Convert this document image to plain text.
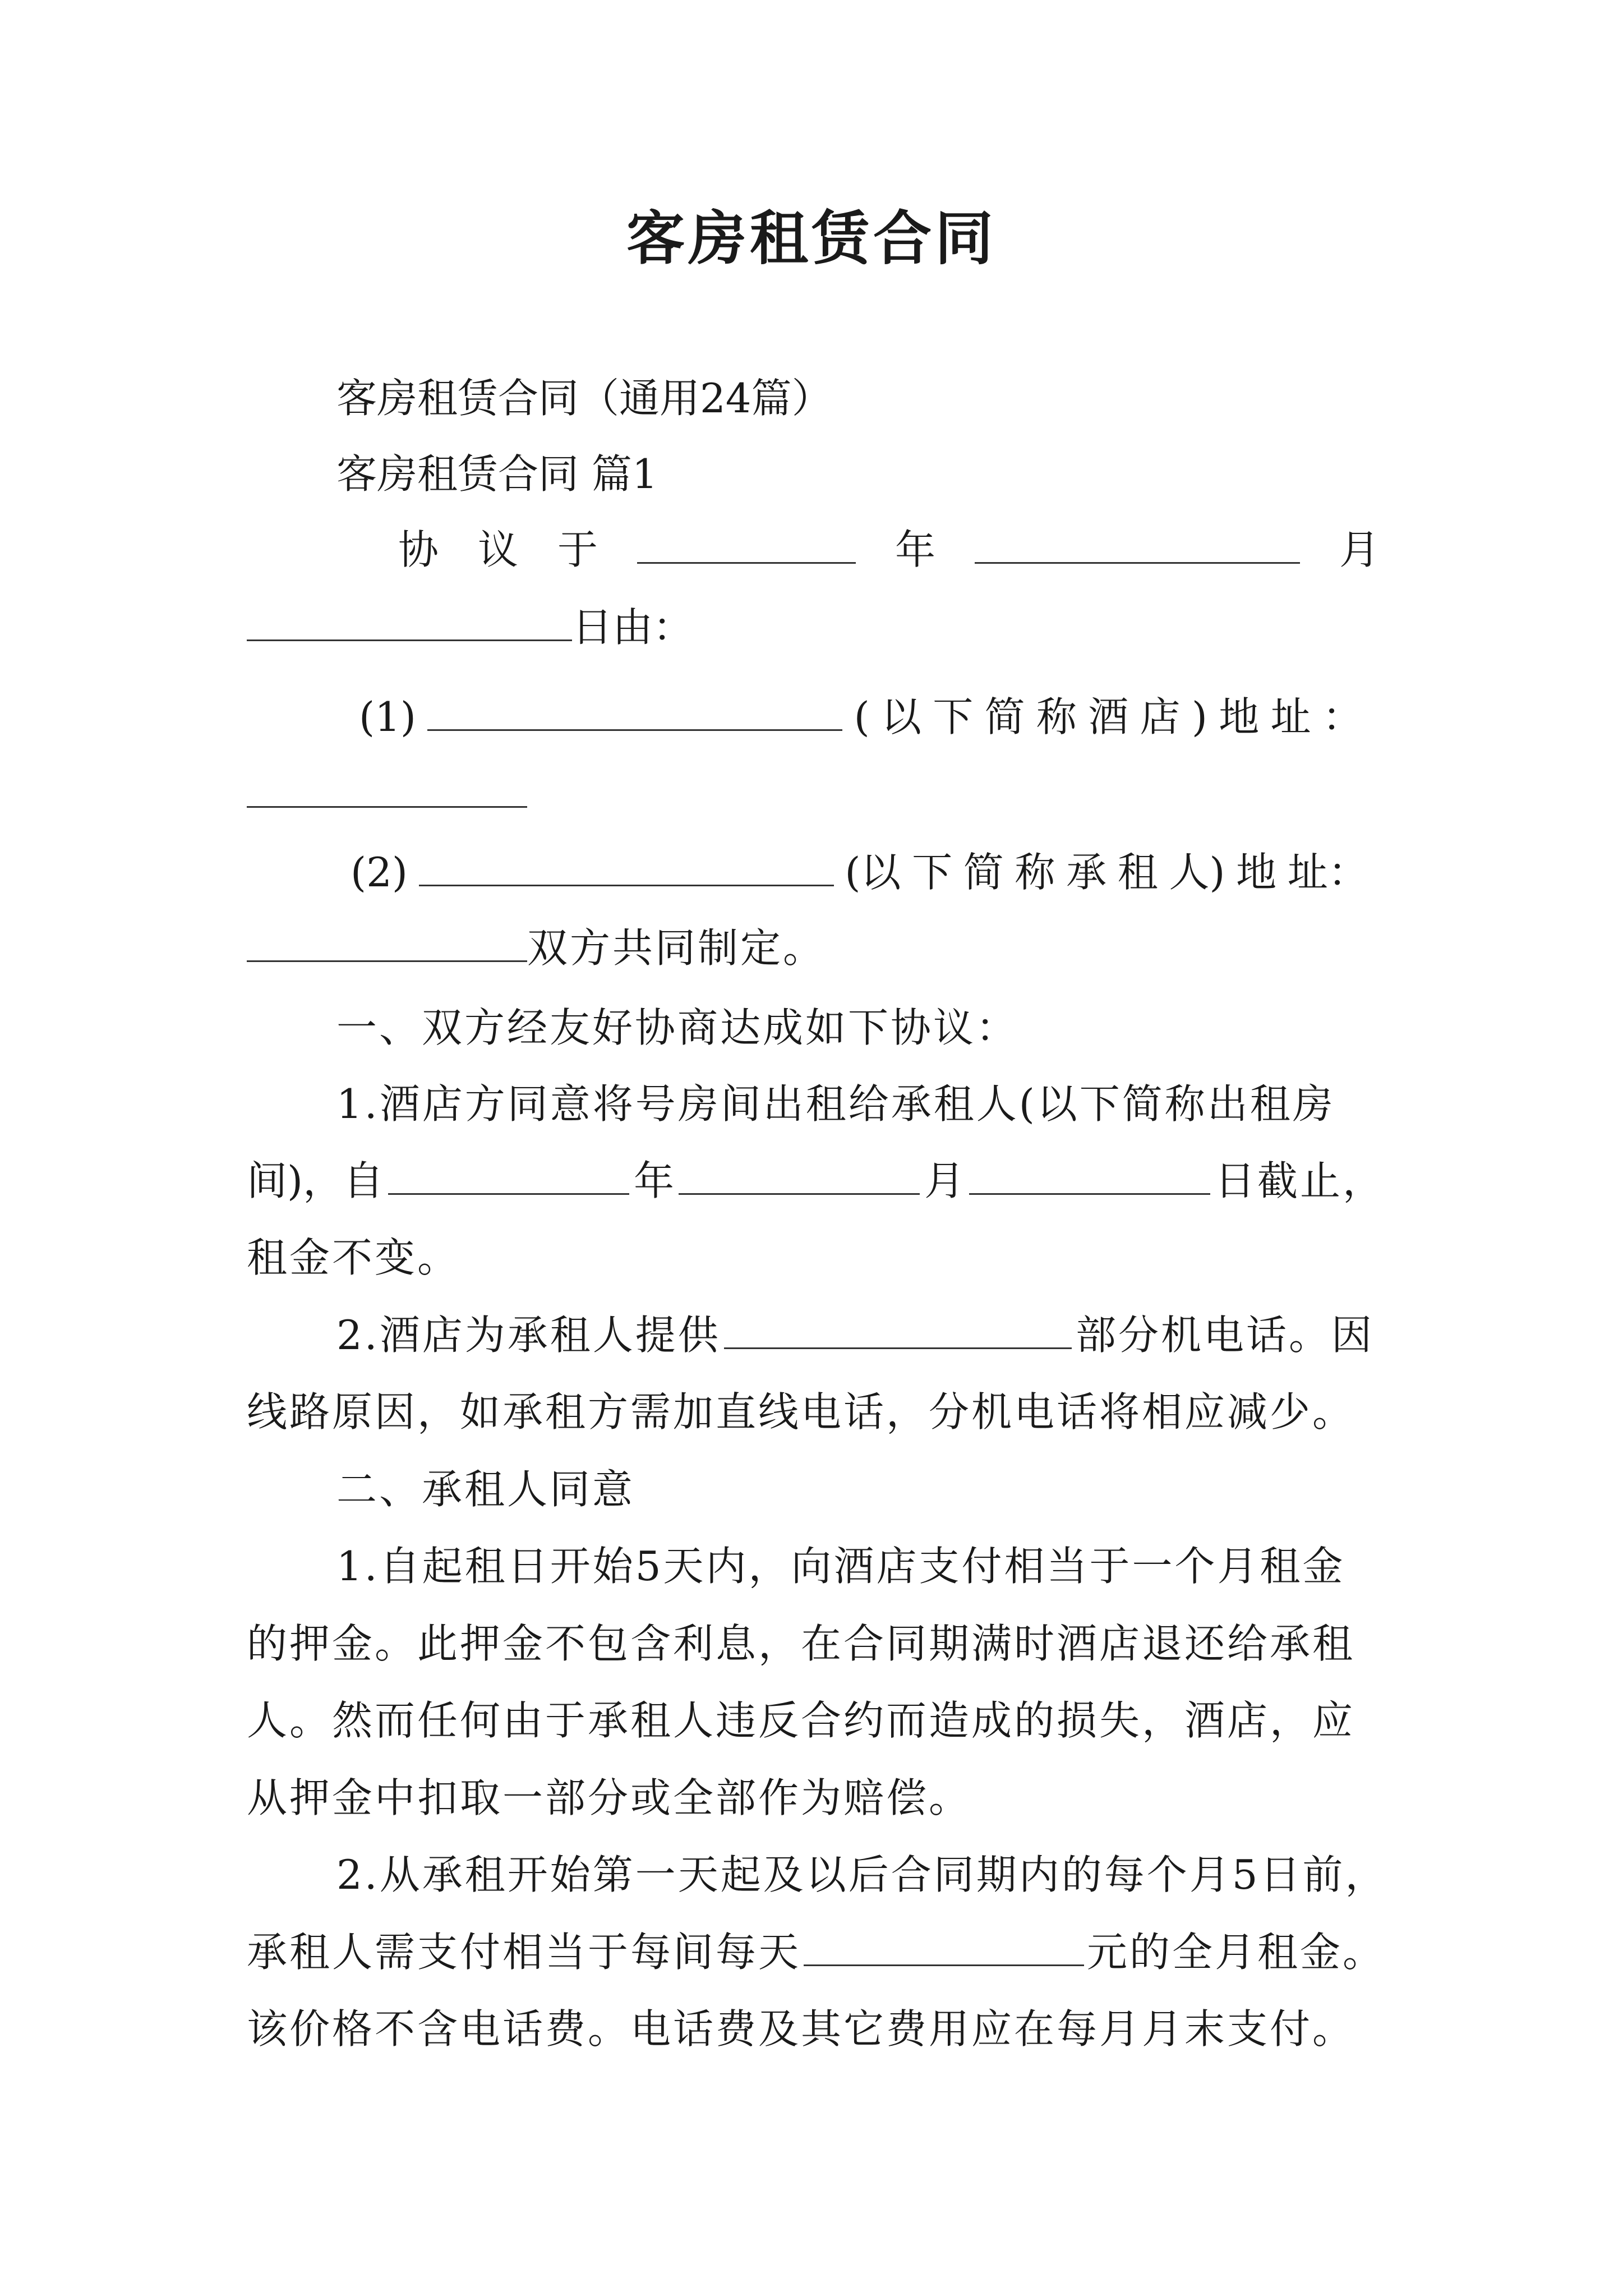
客房租赁合同
客房租赁合同（通用24篇）
客房租赁合同 篇1
协 议 于	年	月
日由：
(1)	( 以 下 简 称 酒 店 ) 地 址 ：
(2)	(以 下 简 称 承 租 人) 地 址：
双方共同制定。
一、双方经友好协商达成如下协议：
1.酒店方同意将号房间出租给承租人(以下简称出租房
间)，自	年	月	日截止，
租金不变。
2.酒店为承租人提供	部分机电话。因
线路原因，如承租方需加直线电话，分机电话将相应减少。
二、承租人同意
1.自起租日开始5天内，向酒店支付相当于一个月租金
的押金。此押金不包含利息，在合同期满时酒店退还给承租
人。然而任何由于承租人违反合约而造成的损失，酒店，应
从押金中扣取一部分或全部作为赔偿。
2.从承租开始第一天起及以后合同期内的每个月5日前，
承租人需支付相当于每间每天	元的全月租金。
该价格不含电话费。电话费及其它费用应在每月月末支付。
